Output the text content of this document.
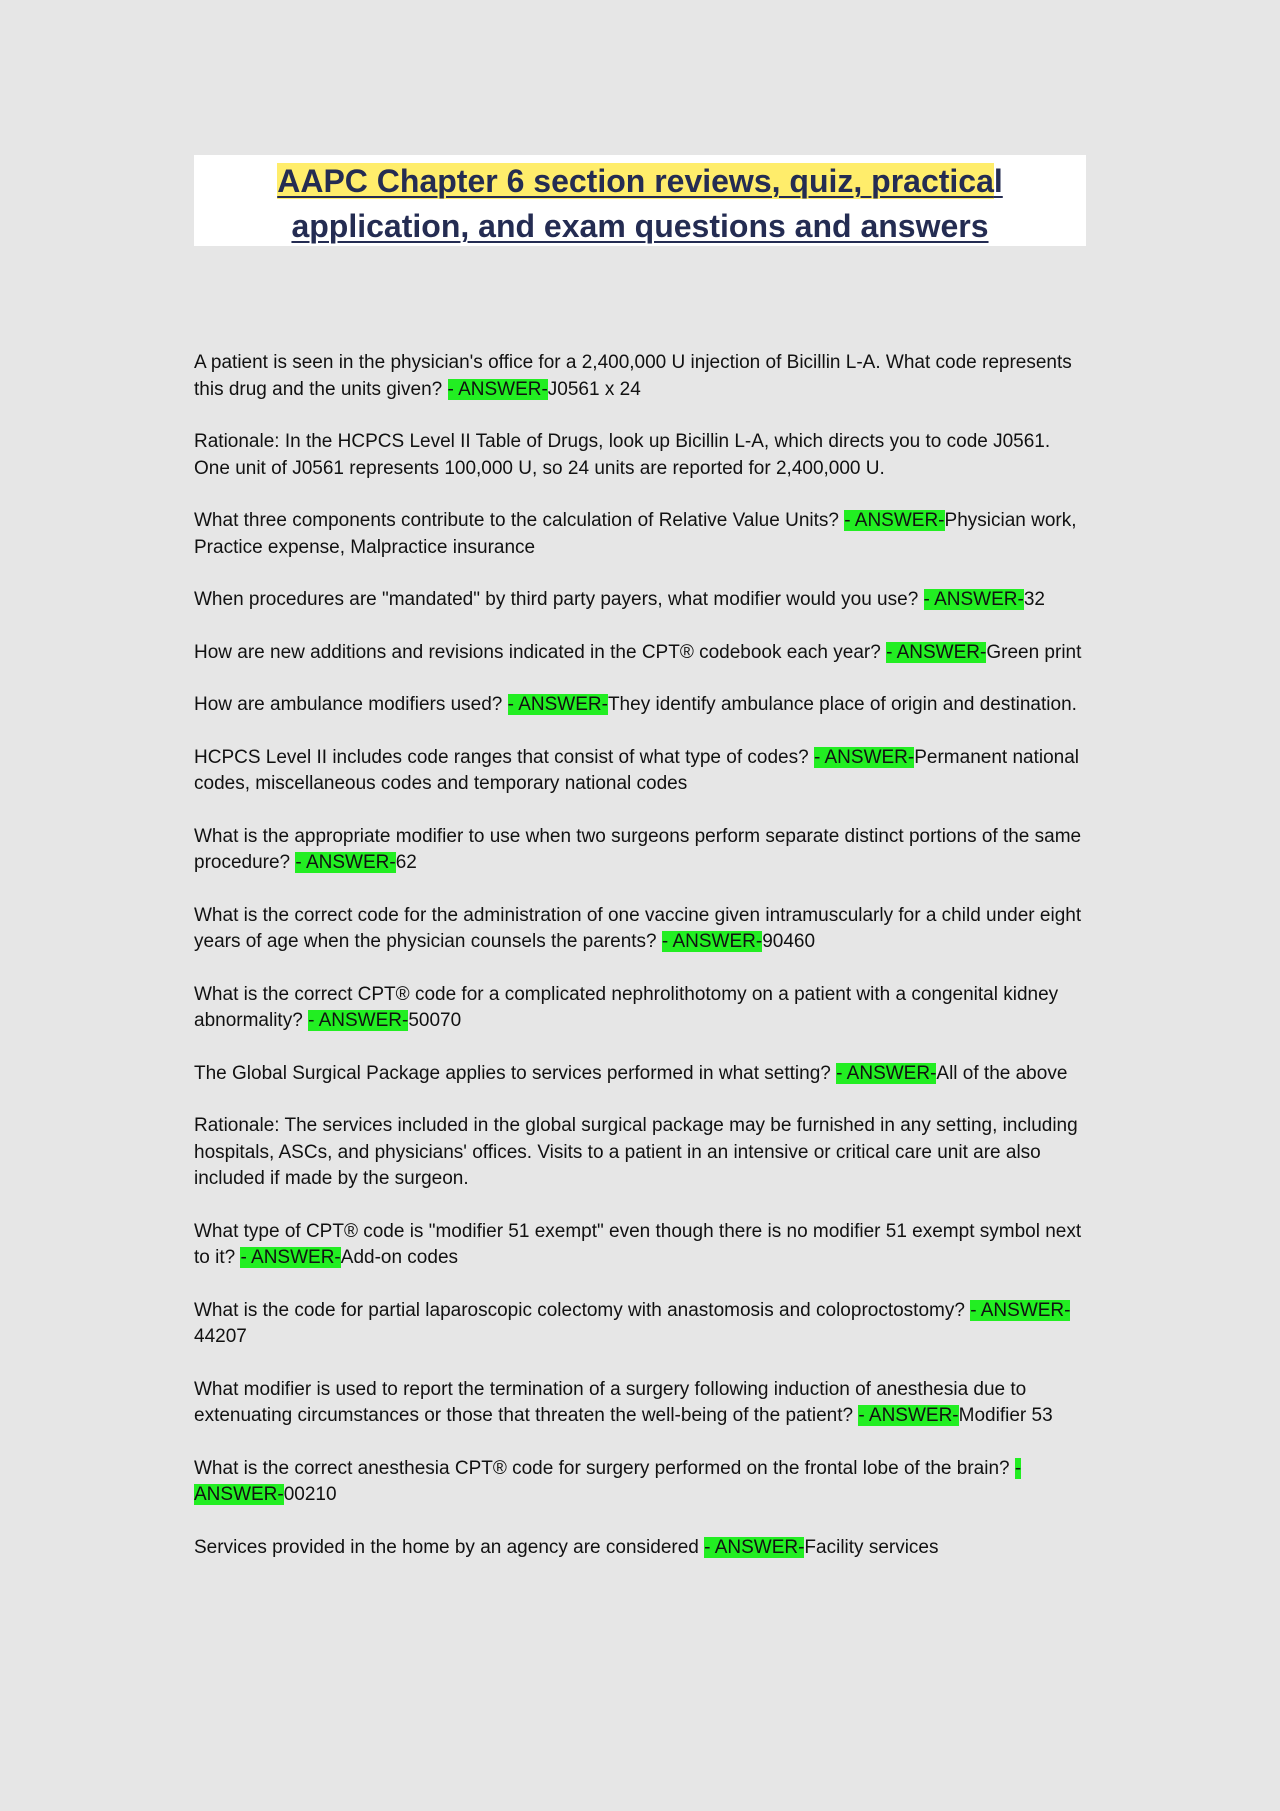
AAPC Chapter 6 section reviews, quiz, practical
application, and exam questions and answers

A patient is seen in the physician's office for a 2,400,000 U injection of Bicillin L-A. What code represents this drug and the units given? - ANSWER-J0561 x 24

Rationale: In the HCPCS Level II Table of Drugs, look up Bicillin L-A, which directs you to code J0561. One unit of J0561 represents 100,000 U, so 24 units are reported for 2,400,000 U.

What three components contribute to the calculation of Relative Value Units? - ANSWER-Physician work, Practice expense, Malpractice insurance

When procedures are "mandated" by third party payers, what modifier would you use? - ANSWER-32

How are new additions and revisions indicated in the CPT® codebook each year? - ANSWER-Green print

How are ambulance modifiers used? - ANSWER-They identify ambulance place of origin and destination.

HCPCS Level II includes code ranges that consist of what type of codes? - ANSWER-Permanent national codes, miscellaneous codes and temporary national codes

What is the appropriate modifier to use when two surgeons perform separate distinct portions of the same procedure? - ANSWER-62

What is the correct code for the administration of one vaccine given intramuscularly for a child under eight years of age when the physician counsels the parents? - ANSWER-90460

What is the correct CPT® code for a complicated nephrolithotomy on a patient with a congenital kidney abnormality? - ANSWER-50070

The Global Surgical Package applies to services performed in what setting? - ANSWER-All of the above

Rationale: The services included in the global surgical package may be furnished in any setting, including hospitals, ASCs, and physicians' offices. Visits to a patient in an intensive or critical care unit are also included if made by the surgeon.

What type of CPT® code is "modifier 51 exempt" even though there is no modifier 51 exempt symbol next to it? - ANSWER-Add-on codes

What is the code for partial laparoscopic colectomy with anastomosis and coloproctostomy? - ANSWER-44207

What modifier is used to report the termination of a surgery following induction of anesthesia due to extenuating circumstances or those that threaten the well-being of the patient? - ANSWER-Modifier 53

What is the correct anesthesia CPT® code for surgery performed on the frontal lobe of the brain? - ANSWER-00210

Services provided in the home by an agency are considered - ANSWER-Facility services
